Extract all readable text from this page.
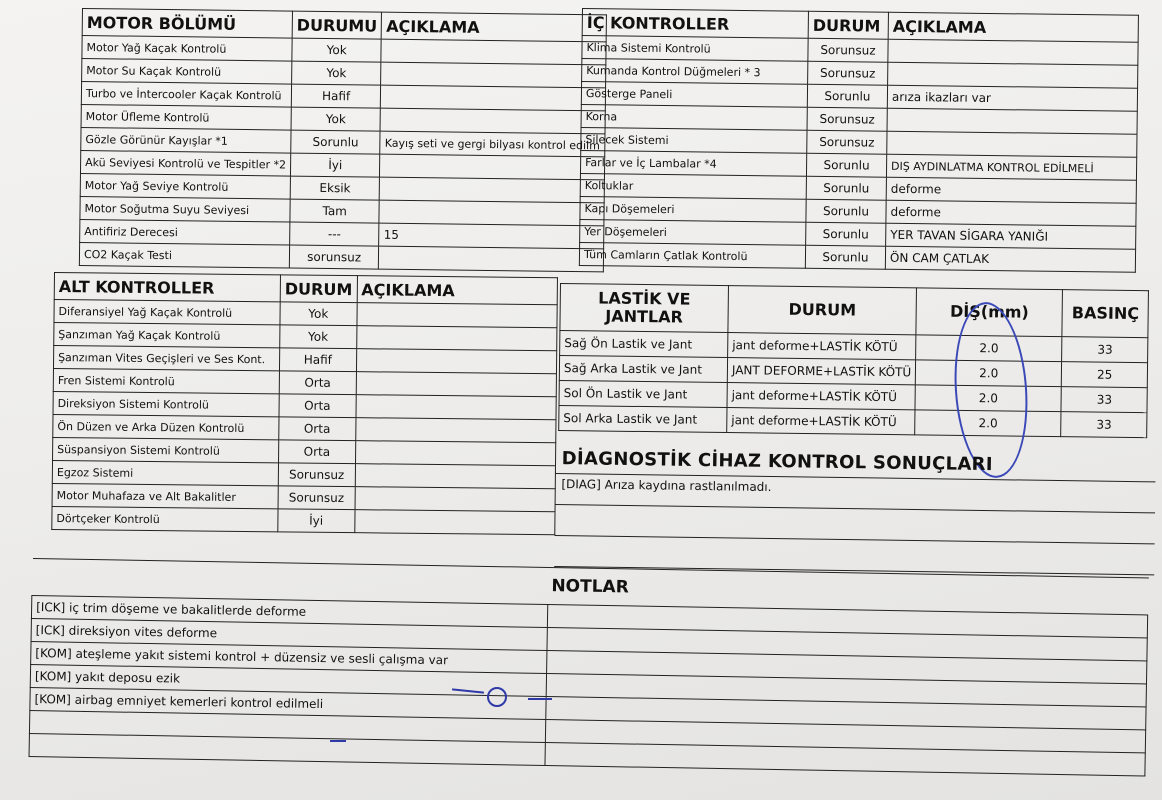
MOTOR BÖLÜMÜ	DURUMU	AÇIKLAMA
Motor Yağ Kaçak Kontrolü	Yok	
Motor Su Kaçak Kontrolü	Yok	
Turbo ve İntercooler Kaçak Kontrolü	Hafif	
Motor Üfleme Kontrolü	Yok	
Gözle Görünür Kayışlar *1	Sorunlu	Kayış seti ve gergi bilyası kontrol edilm
Akü Seviyesi Kontrolü ve Tespitler *2	İyi	
Motor Yağ Seviye Kontrolü	Eksik	
Motor Soğutma Suyu Seviyesi	Tam	
Antifiriz Derecesi	---	15
CO2 Kaçak Testi	sorunsuz	
İÇ KONTROLLER	DURUM	AÇIKLAMA
Klima Sistemi Kontrolü	Sorunsuz	
Kumanda Kontrol Düğmeleri * 3	Sorunsuz	
Gösterge Paneli	Sorunlu	arıza ikazları var
Korna	Sorunsuz	
Silecek Sistemi	Sorunsuz	
Farlar ve İç Lambalar *4	Sorunlu	DIŞ AYDINLATMA KONTROL EDİLMELİ
Koltuklar	Sorunlu	deforme
Kapı Döşemeleri	Sorunlu	deforme
Yer Döşemeleri	Sorunlu	YER TAVAN SİGARA YANIĞI
Tüm Camların Çatlak Kontrolü	Sorunlu	ÖN CAM ÇATLAK
ALT KONTROLLER	DURUM	AÇIKLAMA
Diferansiyel Yağ Kaçak Kontrolü	Yok	
Şanzıman Yağ Kaçak Kontrolü	Yok	
Şanzıman Vites Geçişleri ve Ses Kont.	Hafif	
Fren Sistemi Kontrolü	Orta	
Direksiyon Sistemi Kontrolü	Orta	
Ön Düzen ve Arka Düzen Kontrolü	Orta	
Süspansiyon Sistemi Kontrolü	Orta	
Egzoz Sistemi	Sorunsuz	
Motor Muhafaza ve Alt Bakalitler	Sorunsuz	
Dörtçeker Kontrolü	İyi	
LASTİK VE JANTLAR	DURUM	DİŞ(mm)	BASINÇ
Sağ Ön Lastik ve Jant	jant deforme+LASTİK KÖTÜ	2.0	33
Sağ Arka Lastik ve Jant	JANT DEFORME+LASTİK KÖTÜ	2.0	25
Sol Ön Lastik ve Jant	jant deforme+LASTİK KÖTÜ	2.0	33
Sol Arka Lastik ve Jant	jant deforme+LASTİK KÖTÜ	2.0	33
DİAGNOSTİK CİHAZ KONTROL SONUÇLARI
[DIAG] Arıza kaydına rastlanılmadı.
NOTLAR	
[ICK] iç trim döşeme ve bakalitlerde deforme	
[ICK] direksiyon vites deforme	
[KOM] ateşleme yakıt sistemi kontrol + düzensiz ve sesli çalışma var	
[KOM] yakıt deposu ezik	
[KOM] airbag emniyet kemerleri kontrol edilmeli	
